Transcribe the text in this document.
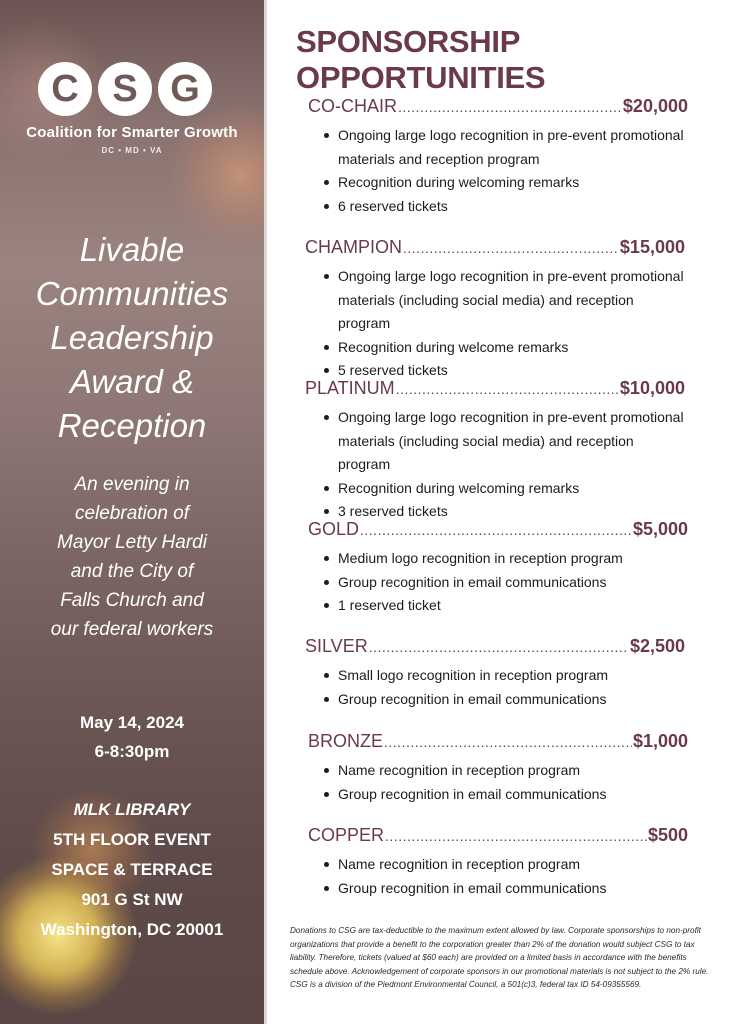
C S G
Coalition for Smarter Growth
DC • MD • VA
Livable
Communities
Leadership
Award &
Reception
An evening in
celebration of
Mayor Letty Hardi
and the City of
Falls Church and
our federal workers
May 14, 2024
6-8:30pm
MLK LIBRARY
5TH FLOOR EVENT
SPACE & TERRACE
901 G St NW
Washington, DC 20001
SPONSORSHIP OPPORTUNITIES
CO-CHAIR .....	$20,000
Ongoing large logo recognition in pre-event promotional
materials and reception program
Recognition during welcoming remarks
6 reserved tickets
CHAMPION .....	$15,000
Ongoing large logo recognition in pre-event promotional
materials (including social media) and reception program
Recognition during welcome remarks
5 reserved tickets
PLATINUM .....	$10,000
Ongoing large logo recognition in pre-event promotional
materials (including social media) and reception program
Recognition during welcoming remarks
3 reserved tickets
GOLD .....	$5,000
Medium logo recognition in reception program
Group recognition in email communications
1 reserved ticket
SILVER .....	$2,500
Small logo recognition in reception program
Group recognition in email communications
BRONZE .....	$1,000
Name recognition in reception program
Group recognition in email communications
COPPER .....	$500
Name recognition in reception program
Group recognition in email communications
Donations to CSG are tax-deductible to the maximum extent allowed by law. Corporate sponsorships to non-profit organizations that provide a benefit to the corporation greater than 2% of the donation would subject CSG to tax liability. Therefore, tickets (valued at $60 each) are provided on a limited basis in accordance with the benefits schedule above. Acknowledgement of corporate sponsors in our promotional materials is not subject to the 2% rule. CSG is a division of the Piedmont Environmental Council, a 501(c)3, federal tax ID 54-09355569.
